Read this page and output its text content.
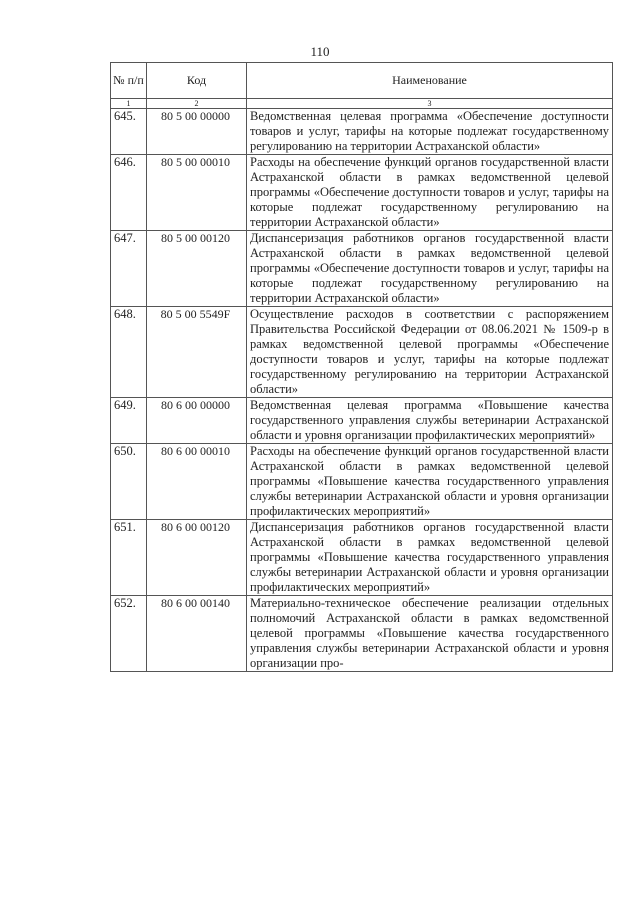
110
№ п/п	Код	Наименование
1	2	3
645.	80 5 00 00000	Ведомственная целевая программа «Обеспечение доступности товаров и услуг, тарифы на которые подлежат государственному регулированию на территории Астраханской области»
646.	80 5 00 00010	Расходы на обеспечение функций органов государственной власти Астраханской области в рамках ведомственной целевой программы «Обеспечение доступности товаров и услуг, тарифы на которые подлежат государственному регулированию на территории Астраханской области»
647.	80 5 00 00120	Диспансеризация работников органов государственной власти Астраханской области в рамках ведомственной целевой программы «Обеспечение доступности товаров и услуг, тарифы на которые подлежат государственному регулированию на территории Астраханской области»
648.	80 5 00 5549F	Осуществление расходов в соответствии с распоряжением Правительства Российской Федерации от 08.06.2021 № 1509-р в рамках ведомственной целевой программы «Обеспечение доступности товаров и услуг, тарифы на которые подлежат государственному регулированию на территории Астраханской области»
649.	80 6 00 00000	Ведомственная целевая программа «Повышение качества государственного управления службы ветеринарии Астраханской области и уровня организации профилактических мероприятий»
650.	80 6 00 00010	Расходы на обеспечение функций органов государственной власти Астраханской области в рамках ведомственной целевой программы «Повышение качества государственного управления службы ветеринарии Астраханской области и уровня организации профилактических мероприятий»
651.	80 6 00 00120	Диспансеризация работников органов государственной власти Астраханской области в рамках ведомственной целевой программы «Повышение качества государственного управления службы ветеринарии Астраханской области и уровня организации профилактических мероприятий»
652.	80 6 00 00140	Материально-техническое обеспечение реализации отдельных полномочий Астраханской области в рамках ведомственной целевой программы «Повышение качества государственного управления службы ветеринарии Астраханской области и уровня организации про-
